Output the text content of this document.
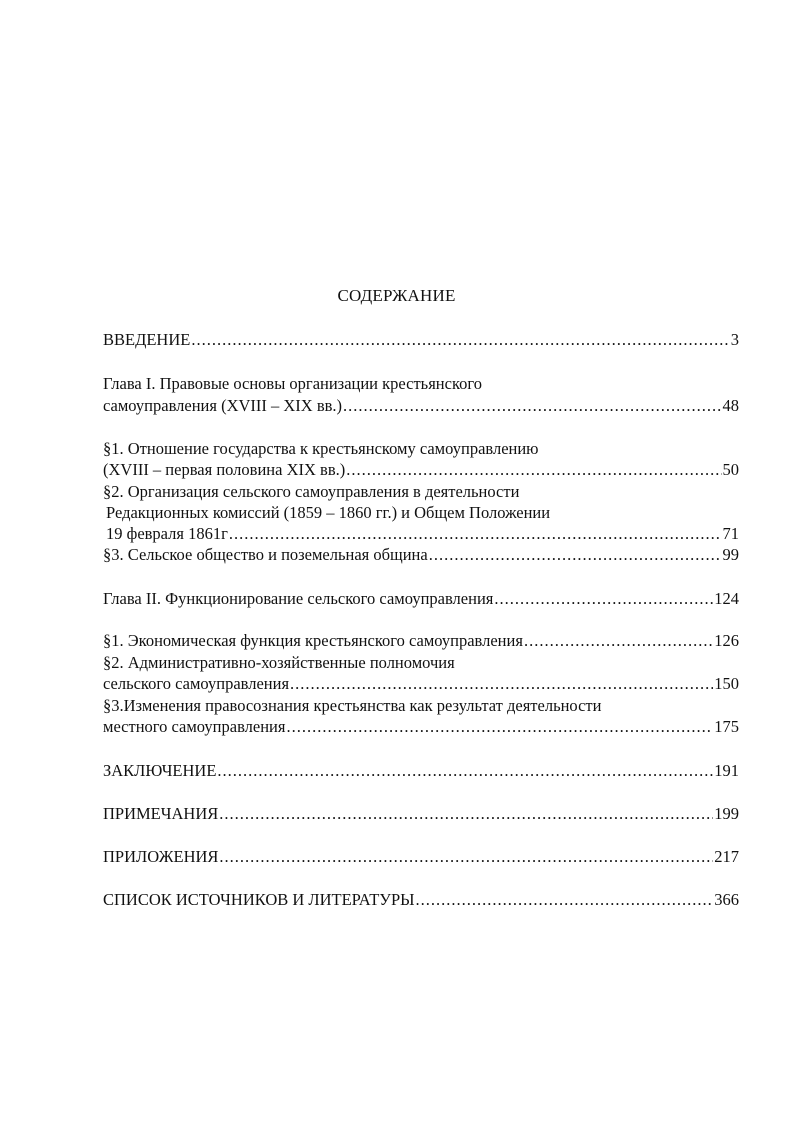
СОДЕРЖАНИЕ
ВВЕДЕНИЕ .....	3
Глава I. Правовые основы организации крестьянского
самоуправления (XVIII – XIX вв.) .....	48
§1. Отношение государства к крестьянскому самоуправлению
(XVIII – первая половина XIX вв.) .....	50
§2. Организация сельского самоуправления в деятельности
Редакционных комиссий (1859 – 1860 гг.) и Общем Положении
19 февраля 1861г .....	71
§3. Сельское общество и поземельная община .....	99
Глава II. Функционирование сельского самоуправления .....	124
§1. Экономическая функция крестьянского самоуправления .....	126
§2. Административно-хозяйственные полномочия
сельского самоуправления .....	150
§3.Изменения правосознания крестьянства как результат деятельности
местного самоуправления .....	175
ЗАКЛЮЧЕНИЕ .....	191
ПРИМЕЧАНИЯ .....	199
ПРИЛОЖЕНИЯ .....	217
СПИСОК ИСТОЧНИКОВ И ЛИТЕРАТУРЫ .....	366
